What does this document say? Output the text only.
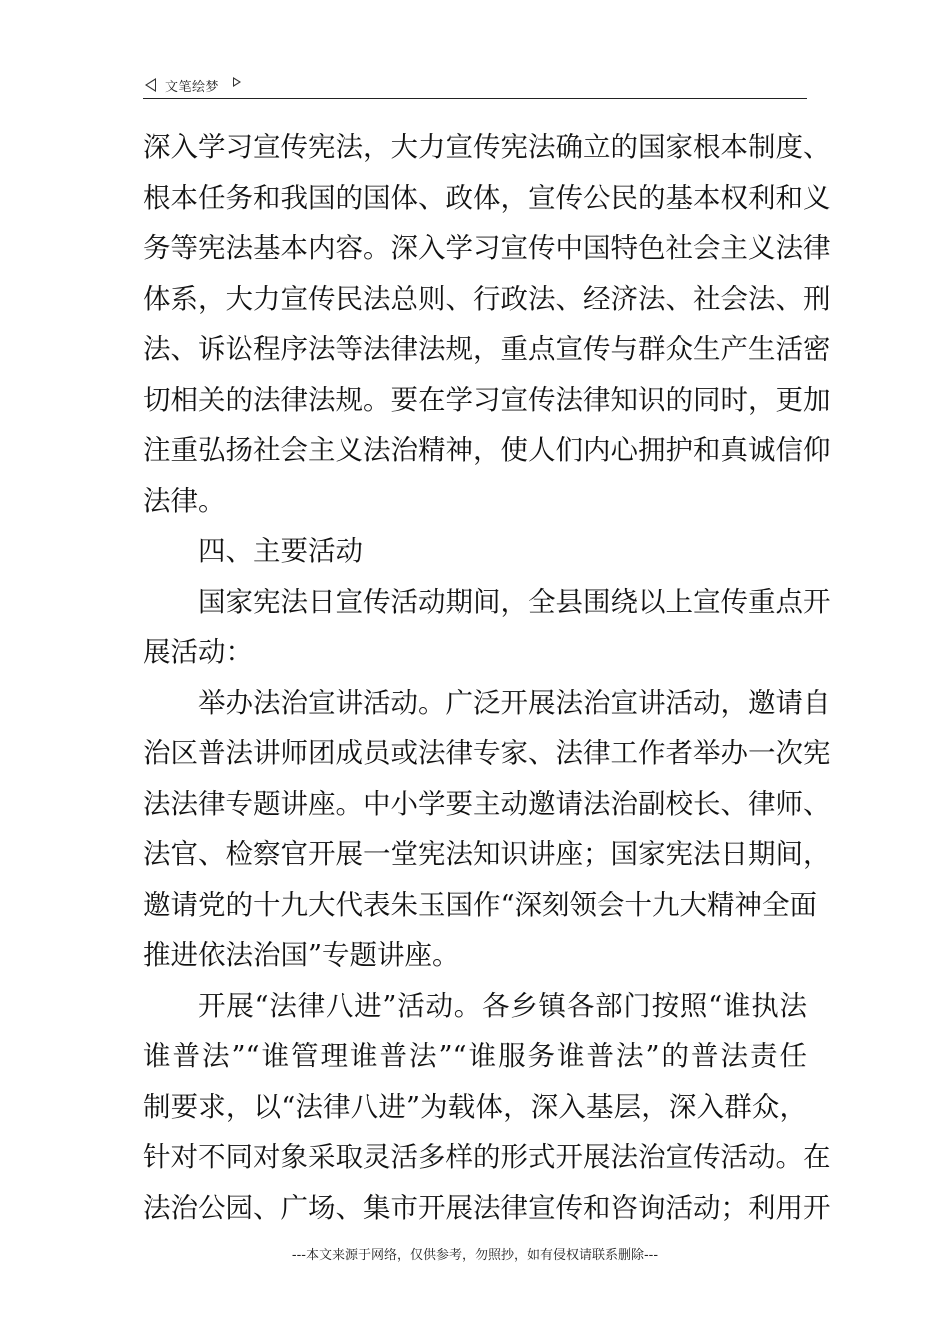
文笔绘梦
深入学习宣传宪法，大力宣传宪法确立的国家根本制度、
根本任务和我国的国体、政体，宣传公民的基本权利和义
务等宪法基本内容。深入学习宣传中国特色社会主义法律
体系，大力宣传民法总则、行政法、经济法、社会法、刑
法、诉讼程序法等法律法规，重点宣传与群众生产生活密
切相关的法律法规。要在学习宣传法律知识的同时，更加
注重弘扬社会主义法治精神，使人们内心拥护和真诚信仰
法律。
四、主要活动
国家宪法日宣传活动期间，全县围绕以上宣传重点开
展活动：
举办法治宣讲活动。广泛开展法治宣讲活动，邀请自
治区普法讲师团成员或法律专家、法律工作者举办一次宪
法法律专题讲座。中小学要主动邀请法治副校长、律师、
法官、检察官开展一堂宪法知识讲座；国家宪法日期间，
邀请党的十九大代表朱玉国作“深刻领会十九大精神全面
推进依法治国”专题讲座。
开展“法律八进”活动。各乡镇各部门按照“谁执法
谁普法”“谁管理谁普法”“谁服务谁普法”的普法责任
制要求，以“法律八进”为载体，深入基层，深入群众，
针对不同对象采取灵活多样的形式开展法治宣传活动。在
法治公园、广场、集市开展法律宣传和咨询活动；利用开
---本文来源于网络，仅供参考，勿照抄，如有侵权请联系删除---
